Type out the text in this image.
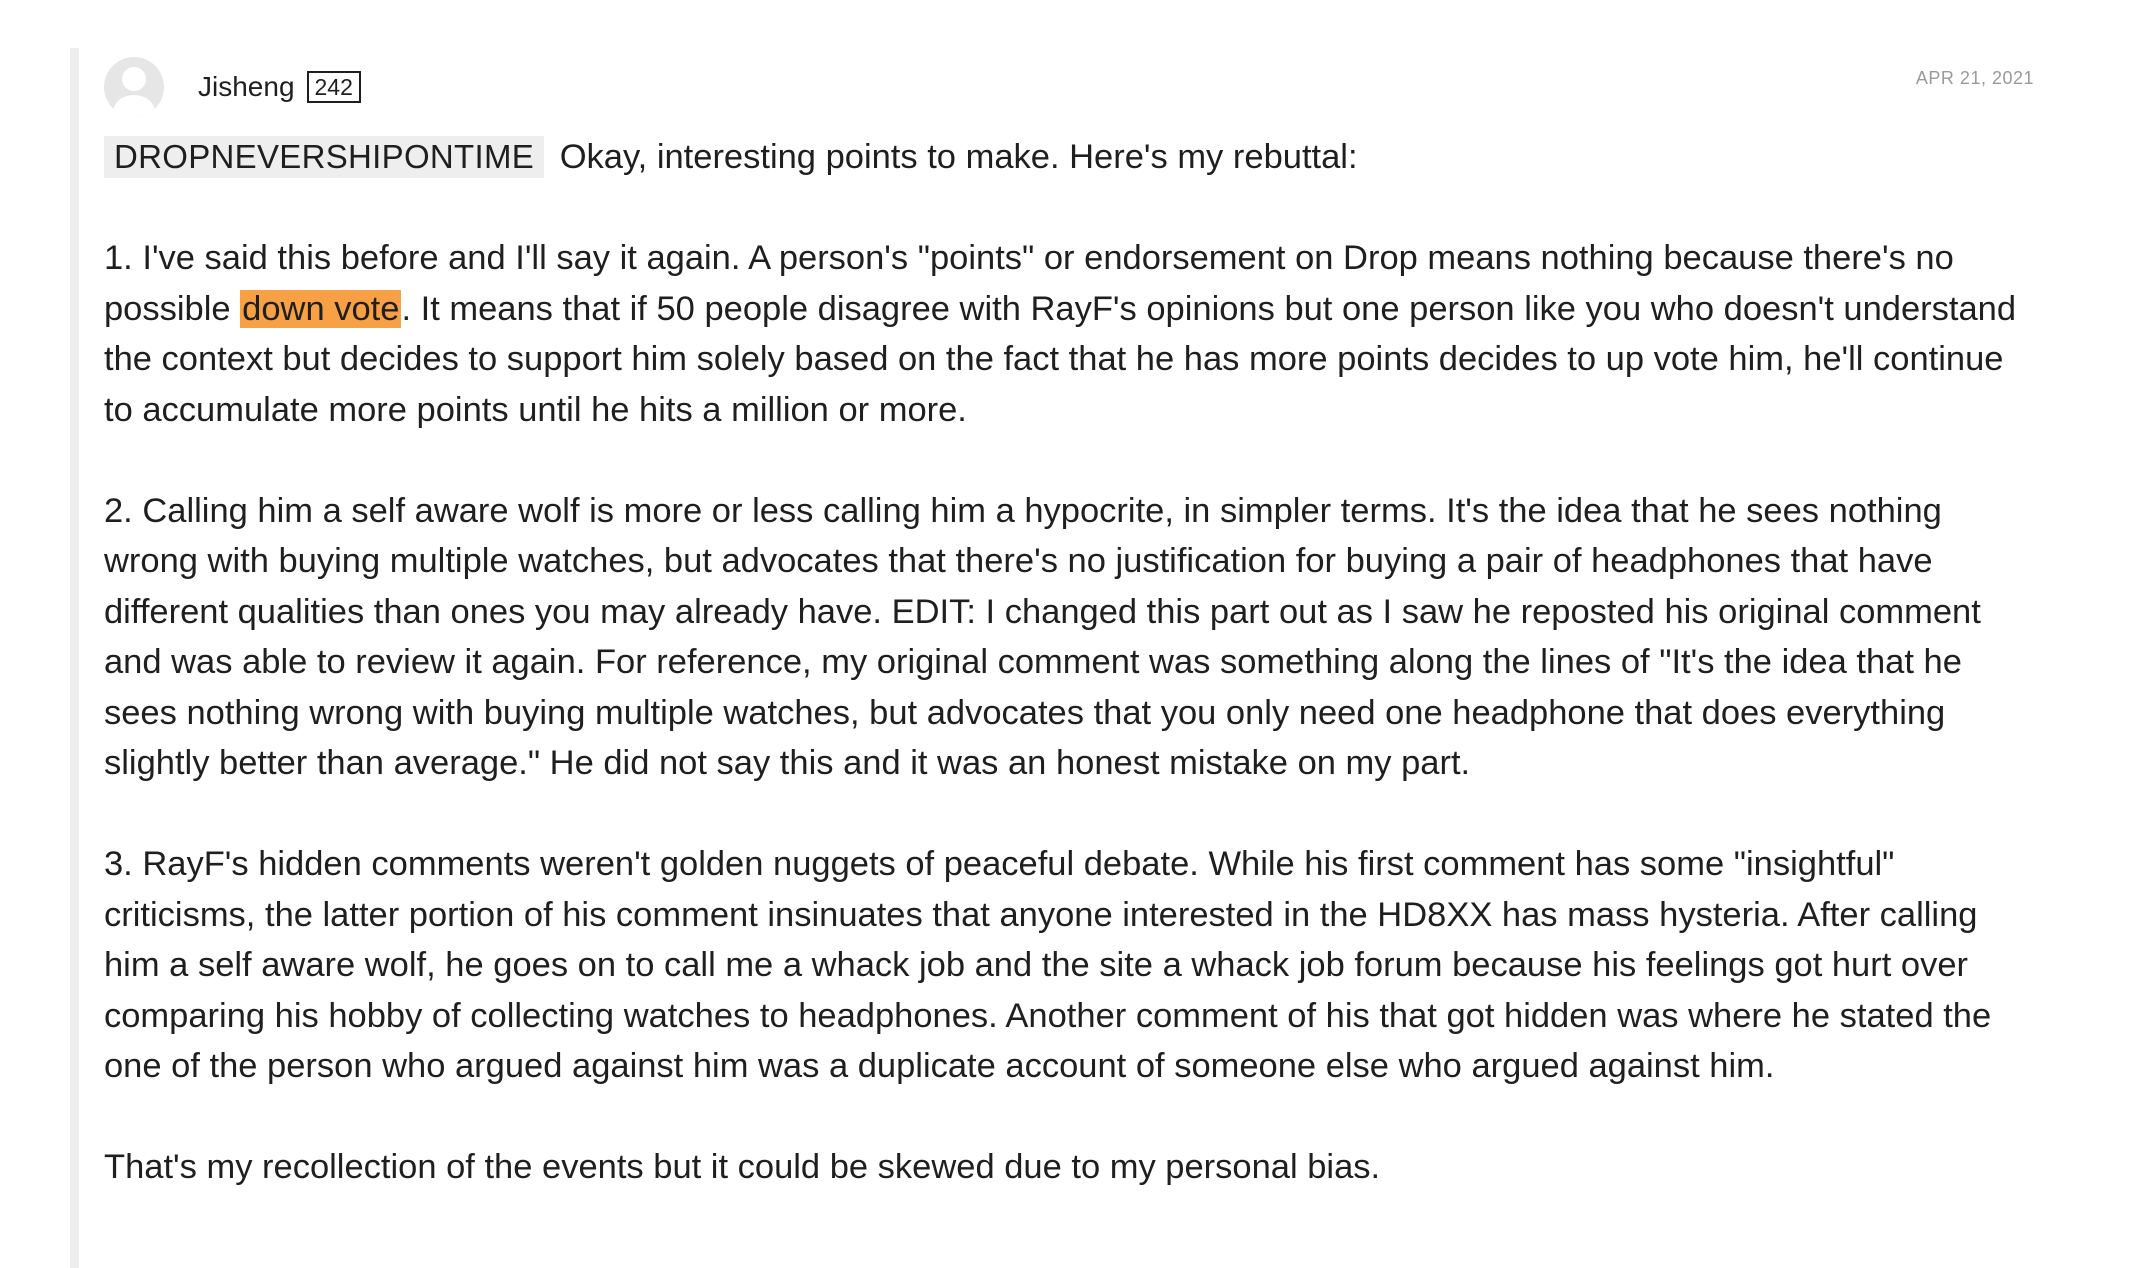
Jisheng 242	APR 21, 2021

DROPNEVERSHIPONTIME Okay, interesting points to make. Here's my rebuttal:

1. I've said this before and I'll say it again. A person's "points" or endorsement on Drop means nothing because there's no possible down vote. It means that if 50 people disagree with RayF's opinions but one person like you who doesn't understand the context but decides to support him solely based on the fact that he has more points decides to up vote him, he'll continue to accumulate more points until he hits a million or more.

2. Calling him a self aware wolf is more or less calling him a hypocrite, in simpler terms. It's the idea that he sees nothing wrong with buying multiple watches, but advocates that there's no justification for buying a pair of headphones that have different qualities than ones you may already have. EDIT: I changed this part out as I saw he reposted his original comment and was able to review it again. For reference, my original comment was something along the lines of "It's the idea that he sees nothing wrong with buying multiple watches, but advocates that you only need one headphone that does everything slightly better than average." He did not say this and it was an honest mistake on my part.

3. RayF's hidden comments weren't golden nuggets of peaceful debate. While his first comment has some "insightful" criticisms, the latter portion of his comment insinuates that anyone interested in the HD8XX has mass hysteria. After calling him a self aware wolf, he goes on to call me a whack job and the site a whack job forum because his feelings got hurt over comparing his hobby of collecting watches to headphones. Another comment of his that got hidden was where he stated the one of the person who argued against him was a duplicate account of someone else who argued against him.

That's my recollection of the events but it could be skewed due to my personal bias.
